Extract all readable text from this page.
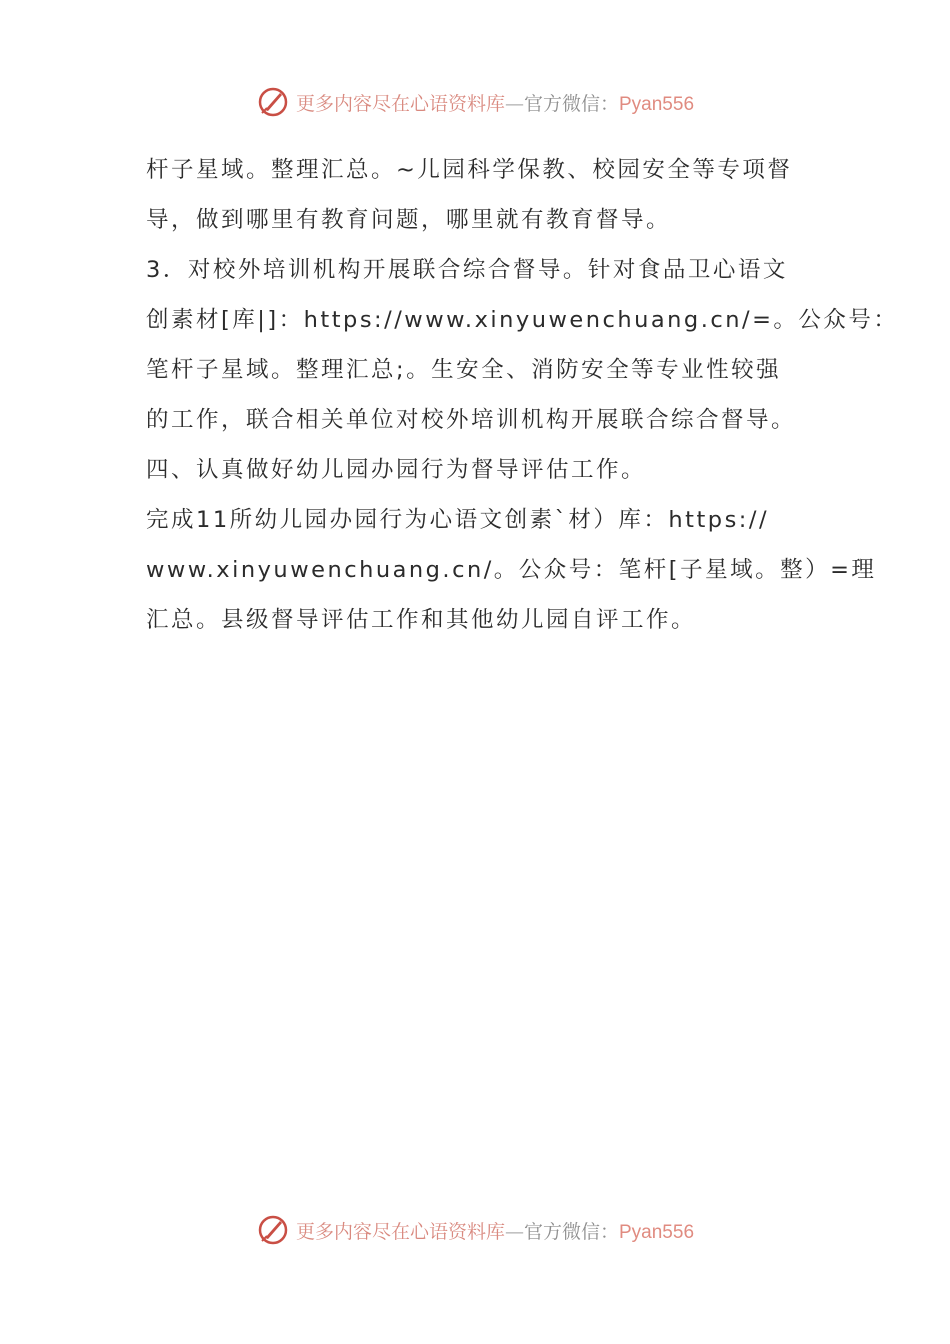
更多内容尽在心语资料库—官方微信：Pyan556
杆子星域。整理汇总。~儿园科学保教、校园安全等专项督
导，做到哪里有教育问题，哪里就有教育督导。
3．对校外培训机构开展联合综合督导。针对食品卫心语文
创素材[库|]：https://www.xinyuwenchuang.cn/=。公众号：
笔杆子星域。整理汇总;。生安全、消防安全等专业性较强
的工作，联合相关单位对校外培训机构开展联合综合督导。
四、认真做好幼儿园办园行为督导评估工作。
完成11所幼儿园办园行为心语文创素`材）库：https://
www.xinyuwenchuang.cn/。公众号：笔杆[子星域。整）=理
汇总。县级督导评估工作和其他幼儿园自评工作。
更多内容尽在心语资料库—官方微信：Pyan556
